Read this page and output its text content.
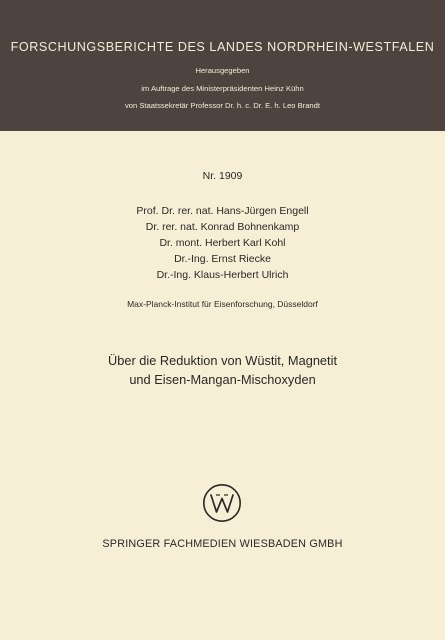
FORSCHUNGSBERICHTE DES LANDES NORDRHEIN-WESTFALEN
Herausgegeben
im Auftrage des Ministerpräsidenten Heinz Kühn
von Staatssekretär Professor Dr. h. c. Dr. E. h. Leo Brandt
Nr. 1909
Prof. Dr. rer. nat. Hans-Jürgen Engell
Dr. rer. nat. Konrad Bohnenkamp
Dr. mont. Herbert Karl Kohl
Dr.-Ing. Ernst Riecke
Dr.-Ing. Klaus-Herbert Ulrich
Max-Planck-Institut für Eisenforschung, Düsseldorf
Über die Reduktion von Wüstit, Magnetit
und Eisen-Mangan-Mischoxyden
SPRINGER FACHMEDIEN WIESBADEN GMBH
